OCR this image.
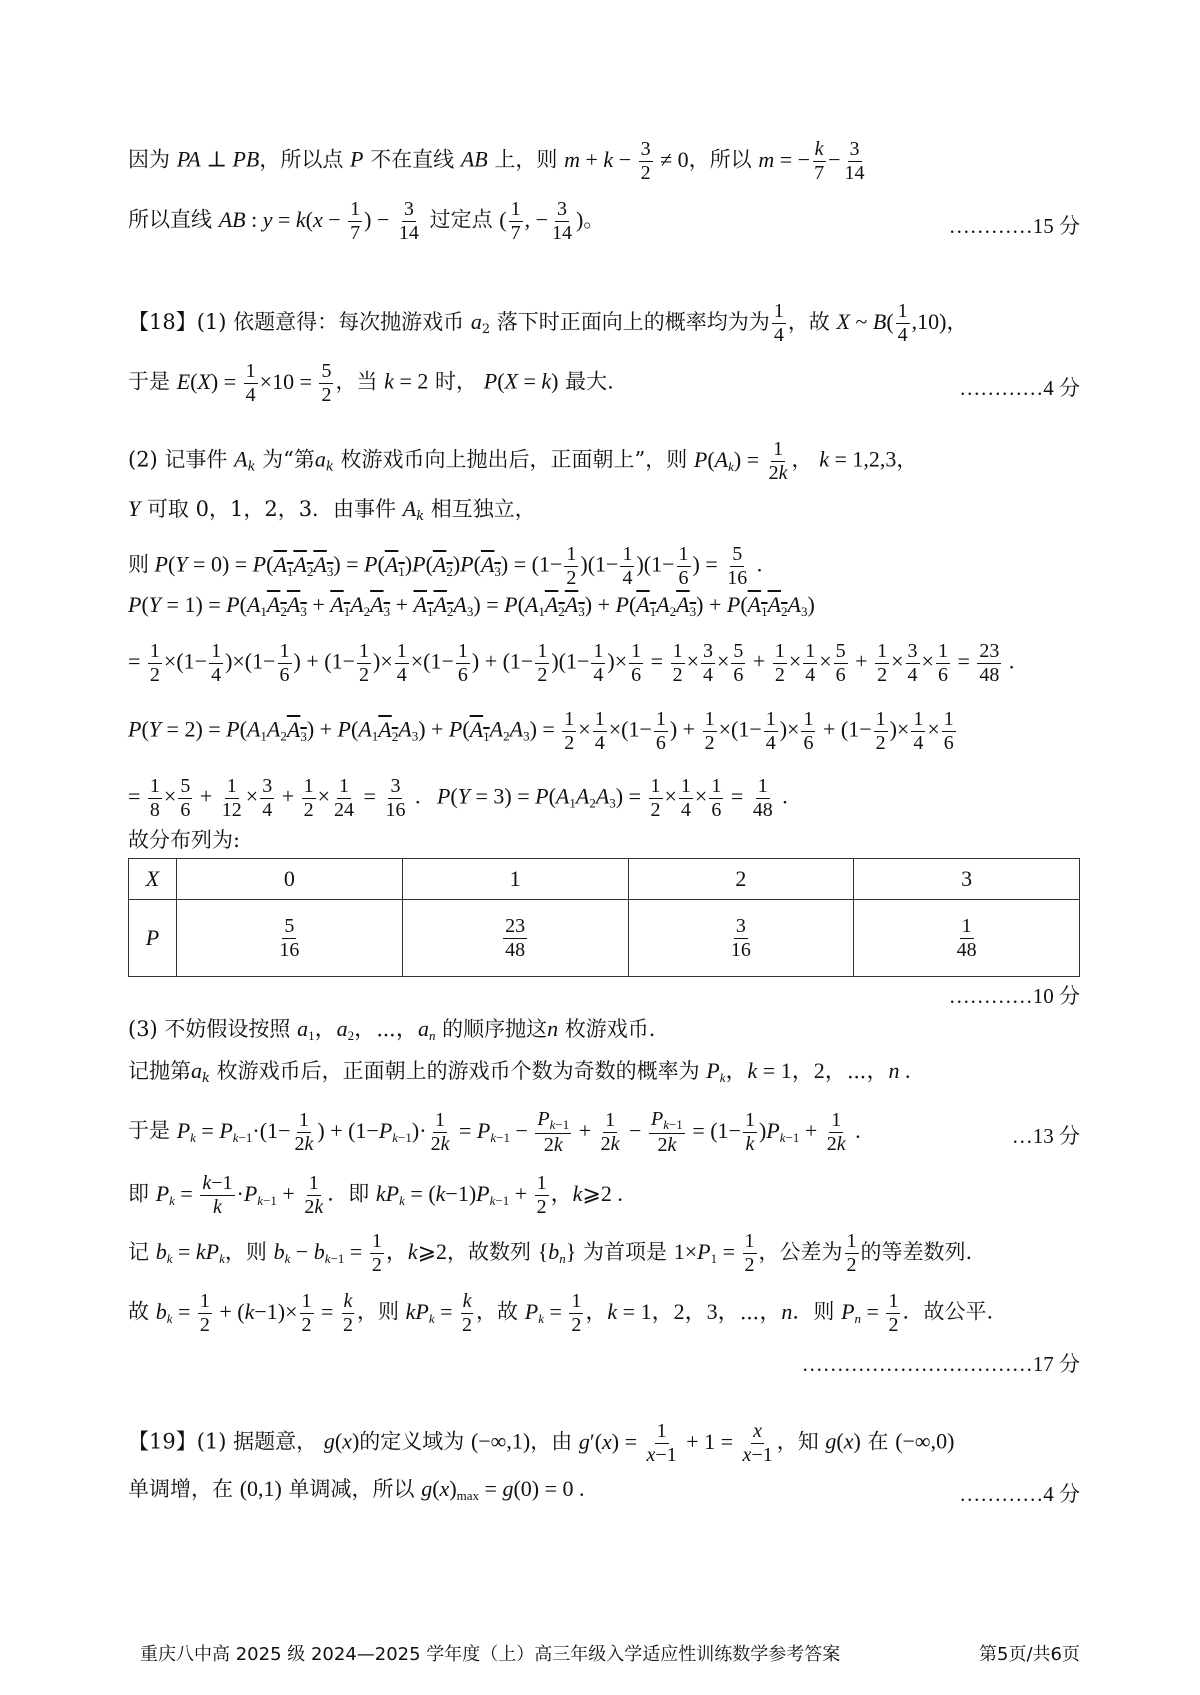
因为 PA ⊥ PB，所以点 P 不在直线 AB 上，则 $m + k - \frac{3}{2} \ne 0$，所以 m = − $\frac{k}{7} - \frac{3}{14}$
所以直线 AB : $y = k(x - \frac{1}{7}$ ) − $\frac{3}{14}$ 过定点 ( $\frac{1}{7}$ , − $\frac{3}{14}$ )。	…………15 分
【18】(1) 依题意得：每次抛游戏币 $a_2$ 落下时正面向上的概率均为为 $\frac{1}{4}$ ，故 X ~ $B( \frac{1}{4} ,10)$，
于是 $E(X) = \frac{1}{4} \times 10 = \frac{5}{2}$ ，当 k = 2 时， P(X = k) 最大.	…………4 分
(2) 记事件 $A_k$ 为“第$a_k$ 枚游戏币向上抛出后，正面朝上”，则 $P(A_k) = \frac{1}{2k}$ ， k = 1,2,3，
Y 可取 0，1，2，3．由事件 $A_k$ 相互独立，
则 $P(Y = 0) = P(A_1A_2A_3) = P(A_1)P(A_2)P(A_3) = (1- \frac{1}{2} )(1- \frac{1}{4} )(1- \frac{1}{6}$ ) = $\frac{5}{16}$ .
$P(Y = 1) = P(A_1A_2A_3 + A_1A_2A_3 + A_1A_2A_3) = P(A_1A_2A_3) + P(A_1A_2A_3) + P(A_1A_2A_3)$
= $\frac{1}{2} \times(1- \frac{1}{4} )\times(1- \frac{1}{6}$ ) + ($1- \frac{1}{2}$ )× $\frac{1}{4} \times(1- \frac{1}{6}$ ) + $(1- \frac{1}{2} )(1- \frac{1}{4}$ )× $\frac{1}{6} = \frac{1}{2} \times \frac{3}{4} \times \frac{5}{6} + \frac{1}{2} \times \frac{1}{4} \times \frac{5}{6} + \frac{1}{2} \times \frac{3}{4} \times \frac{1}{6} = \frac{23}{48}$ .
$P(Y = 2) = P(A_1A_2A_3) + P(A_1A_2A_3) + P(A_1A_2A_3) = \frac{1}{2} \times \frac{1}{4} \times(1- \frac{1}{6}$ ) + $\frac{1}{2} \times(1- \frac{1}{4}$ )× $\frac{1}{6} + (1- \frac{1}{2}$ )× $\frac{1}{4} \times \frac{1}{6}$
= $\frac{1}{8} \times \frac{5}{6} + \frac{1}{12} \times \frac{3}{4} + \frac{1}{2} \times \frac{1}{24} = \frac{3}{16}$ .   $P(Y = 3) = P(A_1A_2A_3) = \frac{1}{2} \times \frac{1}{4} \times \frac{1}{6} = \frac{1}{48}$ .
故分布列为:
X	0	1	2	3
P	$\frac{5}{16}$	$\frac{23}{48}$	$\frac{3}{16}$	$\frac{1}{48}$
…………10 分
(3) 不妨假设按照 $a_1$，$a_2$，⋯，$a_n$ 的顺序抛这n 枚游戏币.
记抛第$a_k$ 枚游戏币后，正面朝上的游戏币个数为奇数的概率为 $P_k$，k = 1，2，⋯，n .
于是 $P_k = P_{k-1}\cdot(1- \frac{1}{2k}$ ) + $(1-P_{k-1})\cdot \frac{1}{2k} = P_{k-1} - \frac{P_{k-1}}{2k} + \frac{1}{2k} - \frac{P_{k-1}}{2k} = (1- \frac{1}{k} )P_{k-1} + \frac{1}{2k}$ .	…13 分
即 $P_k = \frac{k-1}{k} \cdot P_{k-1} + \frac{1}{2k}$ ．即 $kP_k = (k-1)P_{k-1} + \frac{1}{2}$ ，k⩾2 .
记 $b_k = kP_k$，则 $b_k - b_{k-1} = \frac{1}{2}$ ，k⩾2，故数列 $\{b_n\}$ 为首项是 $1\times P_1 = \frac{1}{2}$ ，公差为 $\frac{1}{2}$ 的等差数列.
故 $b_k = \frac{1}{2} + (k-1)\times \frac{1}{2} = \frac{k}{2}$ ，则 $kP_k = \frac{k}{2}$ ，故 $P_k = \frac{1}{2}$ ，k = 1，2，3，⋯，n．则 $P_n = \frac{1}{2}$ ．故公平.
……………………………17 分
【19】(1) 据题意， g(x)的定义域为 (−∞,1)，由 $g'(x) = \frac{1}{x-1} + 1 = \frac{x}{x-1}$ ，知 g(x) 在 (−∞,0)
单调增，在 (0,1) 单调减，所以 $g(x)_{max} = g(0) = 0$ .	…………4 分
重庆八中高 2025 级 2024—2025 学年度（上）高三年级入学适应性训练数学参考答案	第5页/共6页
